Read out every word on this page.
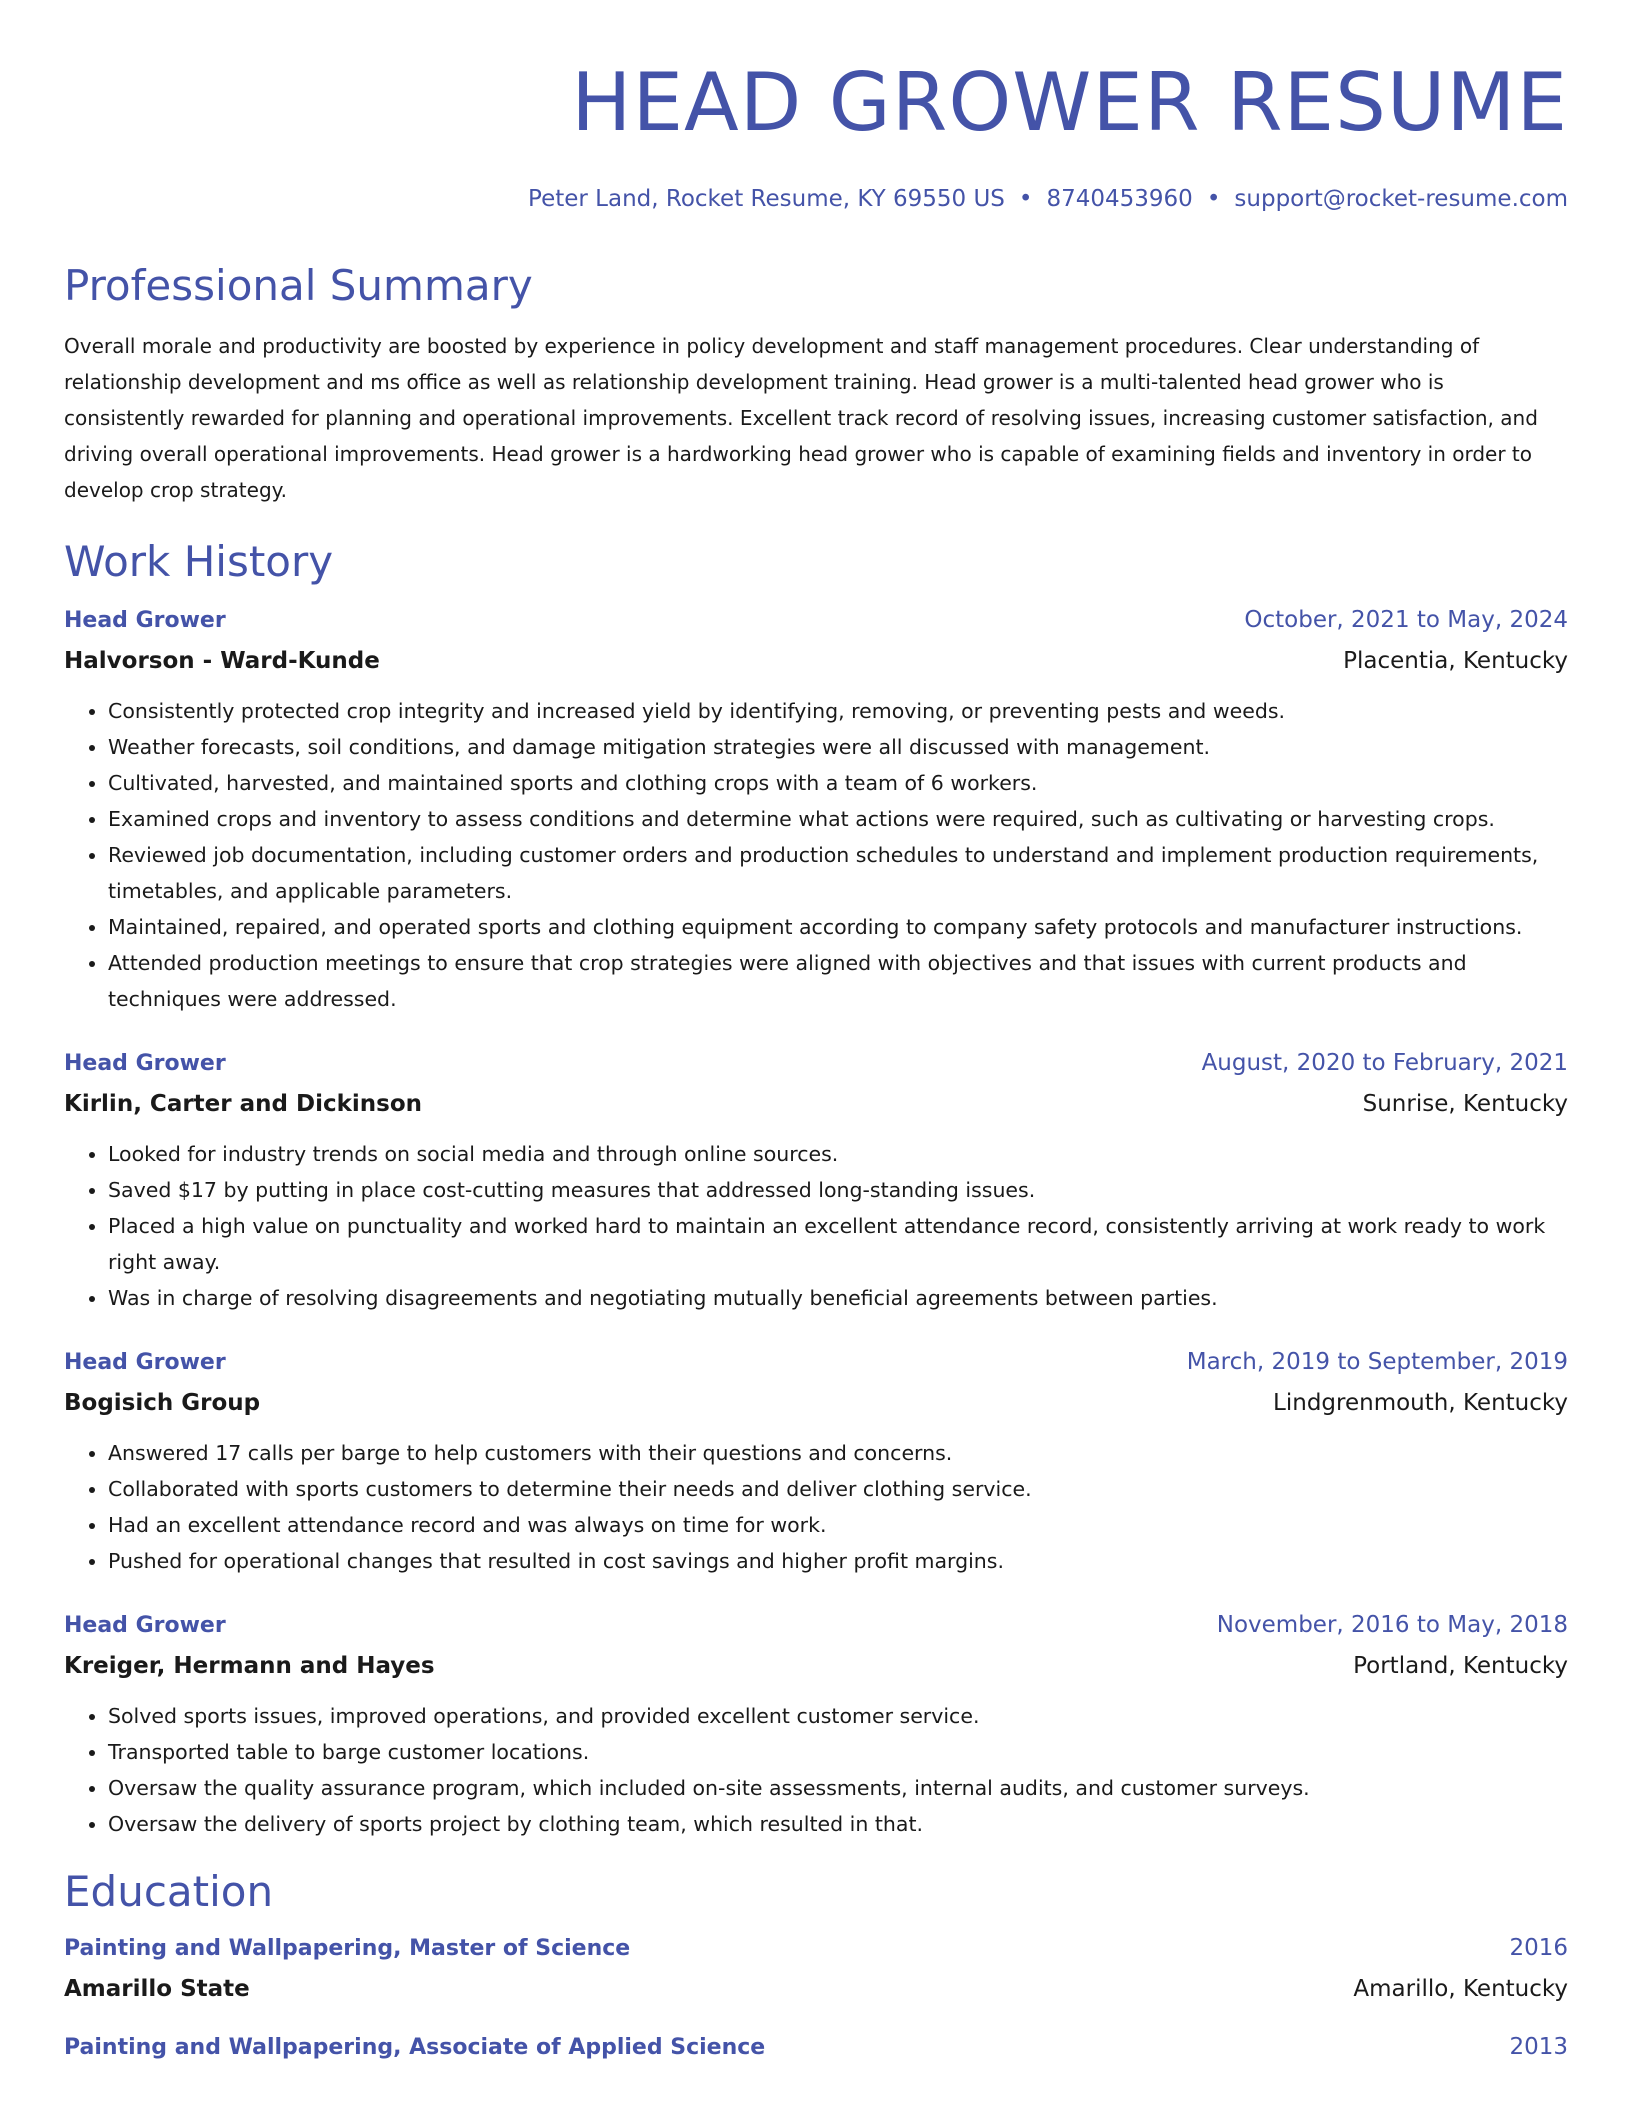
HEAD GROWER RESUME
Peter Land, Rocket Resume, KY 69550 US • 8740453960 • support@rocket-resume.com
Professional Summary

Overall morale and productivity are boosted by experience in policy development and staff management procedures. Clear understanding of relationship development and ms office as well as relationship development training. Head grower is a multi-talented head grower who is consistently rewarded for planning and operational improvements. Excellent track record of resolving issues, increasing customer satisfaction, and driving overall operational improvements. Head grower is a hardworking head grower who is capable of examining fields and inventory in order to develop crop strategy.

Work History
Head Grower	October, 2021 to May, 2024
Halvorson - Ward-Kunde	Placentia, Kentucky
• Consistently protected crop integrity and increased yield by identifying, removing, or preventing pests and weeds.
• Weather forecasts, soil conditions, and damage mitigation strategies were all discussed with management.
• Cultivated, harvested, and maintained sports and clothing crops with a team of 6 workers.
• Examined crops and inventory to assess conditions and determine what actions were required, such as cultivating or harvesting crops.
• Reviewed job documentation, including customer orders and production schedules to understand and implement production requirements, timetables, and applicable parameters.
• Maintained, repaired, and operated sports and clothing equipment according to company safety protocols and manufacturer instructions.
• Attended production meetings to ensure that crop strategies were aligned with objectives and that issues with current products and techniques were addressed.
Head Grower	August, 2020 to February, 2021
Kirlin, Carter and Dickinson	Sunrise, Kentucky
• Looked for industry trends on social media and through online sources.
• Saved $17 by putting in place cost-cutting measures that addressed long-standing issues.
• Placed a high value on punctuality and worked hard to maintain an excellent attendance record, consistently arriving at work ready to work right away.
• Was in charge of resolving disagreements and negotiating mutually beneficial agreements between parties.
Head Grower	March, 2019 to September, 2019
Bogisich Group	Lindgrenmouth, Kentucky
• Answered 17 calls per barge to help customers with their questions and concerns.
• Collaborated with sports customers to determine their needs and deliver clothing service.
• Had an excellent attendance record and was always on time for work.
• Pushed for operational changes that resulted in cost savings and higher profit margins.
Head Grower	November, 2016 to May, 2018
Kreiger, Hermann and Hayes	Portland, Kentucky
• Solved sports issues, improved operations, and provided excellent customer service.
• Transported table to barge customer locations.
• Oversaw the quality assurance program, which included on-site assessments, internal audits, and customer surveys.
• Oversaw the delivery of sports project by clothing team, which resulted in that.
Education
Painting and Wallpapering, Master of Science	2016
Amarillo State	Amarillo, Kentucky
Painting and Wallpapering, Associate of Applied Science	2013
